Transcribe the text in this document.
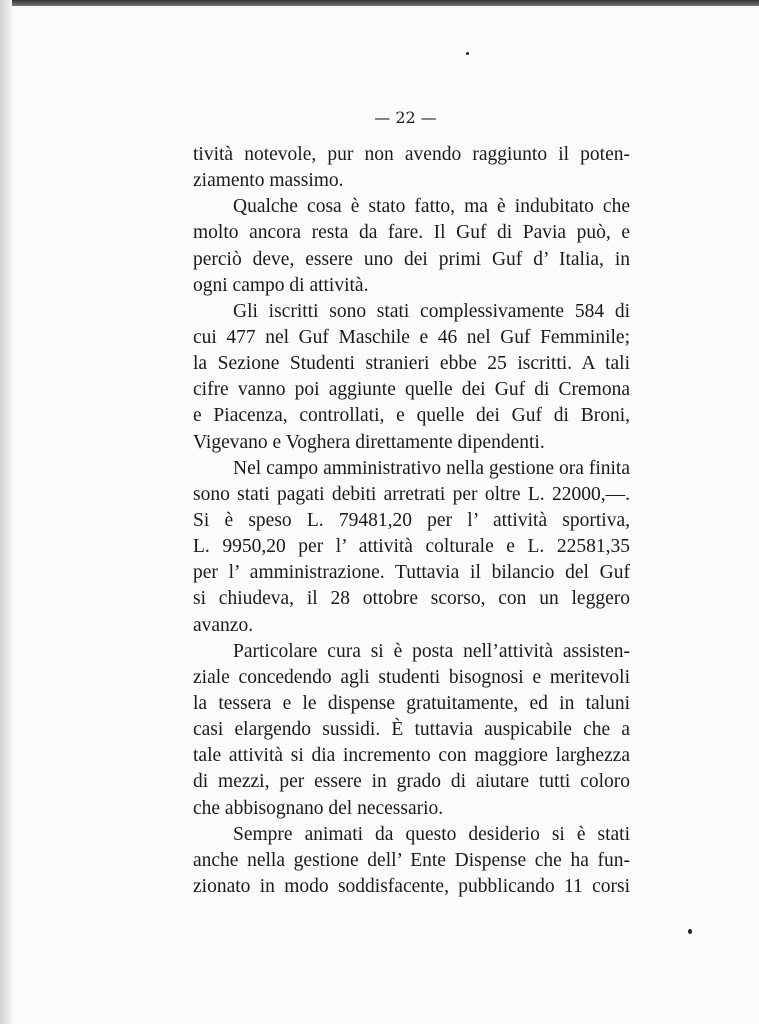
— 22 —
tività notevole, pur non avendo raggiunto il poten-
ziamento massimo.
Qualche cosa è stato fatto, ma è indubitato che
molto ancora resta da fare. Il Guf di Pavia può, e
perciò deve, essere uno dei primi Guf d’ Italia, in
ogni campo di attività.
Gli iscritti sono stati complessivamente 584 di
cui 477 nel Guf Maschile e 46 nel Guf Femminile;
la Sezione Studenti stranieri ebbe 25 iscritti. A tali
cifre vanno poi aggiunte quelle dei Guf di Cremona
e Piacenza, controllati, e quelle dei Guf di Broni,
Vigevano e Voghera direttamente dipendenti.
Nel campo amministrativo nella gestione ora finita
sono stati pagati debiti arretrati per oltre L. 22000,—.
Si è speso L. 79481,20 per l’ attività sportiva,
L. 9950,20 per l’ attività colturale e L. 22581,35
per l’ amministrazione. Tuttavia il bilancio del Guf
si chiudeva, il 28 ottobre scorso, con un leggero
avanzo.
Particolare cura si è posta nell’attività assisten-
ziale concedendo agli studenti bisognosi e meritevoli
la tessera e le dispense gratuitamente, ed in taluni
casi elargendo sussidi. È tuttavia auspicabile che a
tale attività si dia incremento con maggiore larghezza
di mezzi, per essere in grado di aiutare tutti coloro
che abbisognano del necessario.
Sempre animati da questo desiderio si è stati
anche nella gestione dell’ Ente Dispense che ha fun-
zionato in modo soddisfacente, pubblicando 11 corsi
